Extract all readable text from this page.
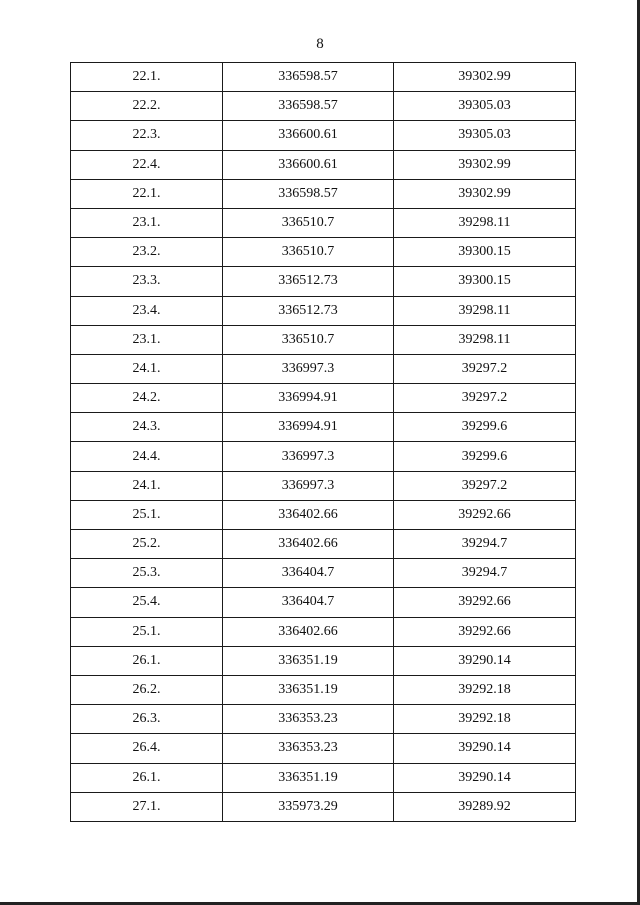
8
22.1.	336598.57	39302.99
22.2.	336598.57	39305.03
22.3.	336600.61	39305.03
22.4.	336600.61	39302.99
22.1.	336598.57	39302.99
23.1.	336510.7	39298.11
23.2.	336510.7	39300.15
23.3.	336512.73	39300.15
23.4.	336512.73	39298.11
23.1.	336510.7	39298.11
24.1.	336997.3	39297.2
24.2.	336994.91	39297.2
24.3.	336994.91	39299.6
24.4.	336997.3	39299.6
24.1.	336997.3	39297.2
25.1.	336402.66	39292.66
25.2.	336402.66	39294.7
25.3.	336404.7	39294.7
25.4.	336404.7	39292.66
25.1.	336402.66	39292.66
26.1.	336351.19	39290.14
26.2.	336351.19	39292.18
26.3.	336353.23	39292.18
26.4.	336353.23	39290.14
26.1.	336351.19	39290.14
27.1.	335973.29	39289.92
